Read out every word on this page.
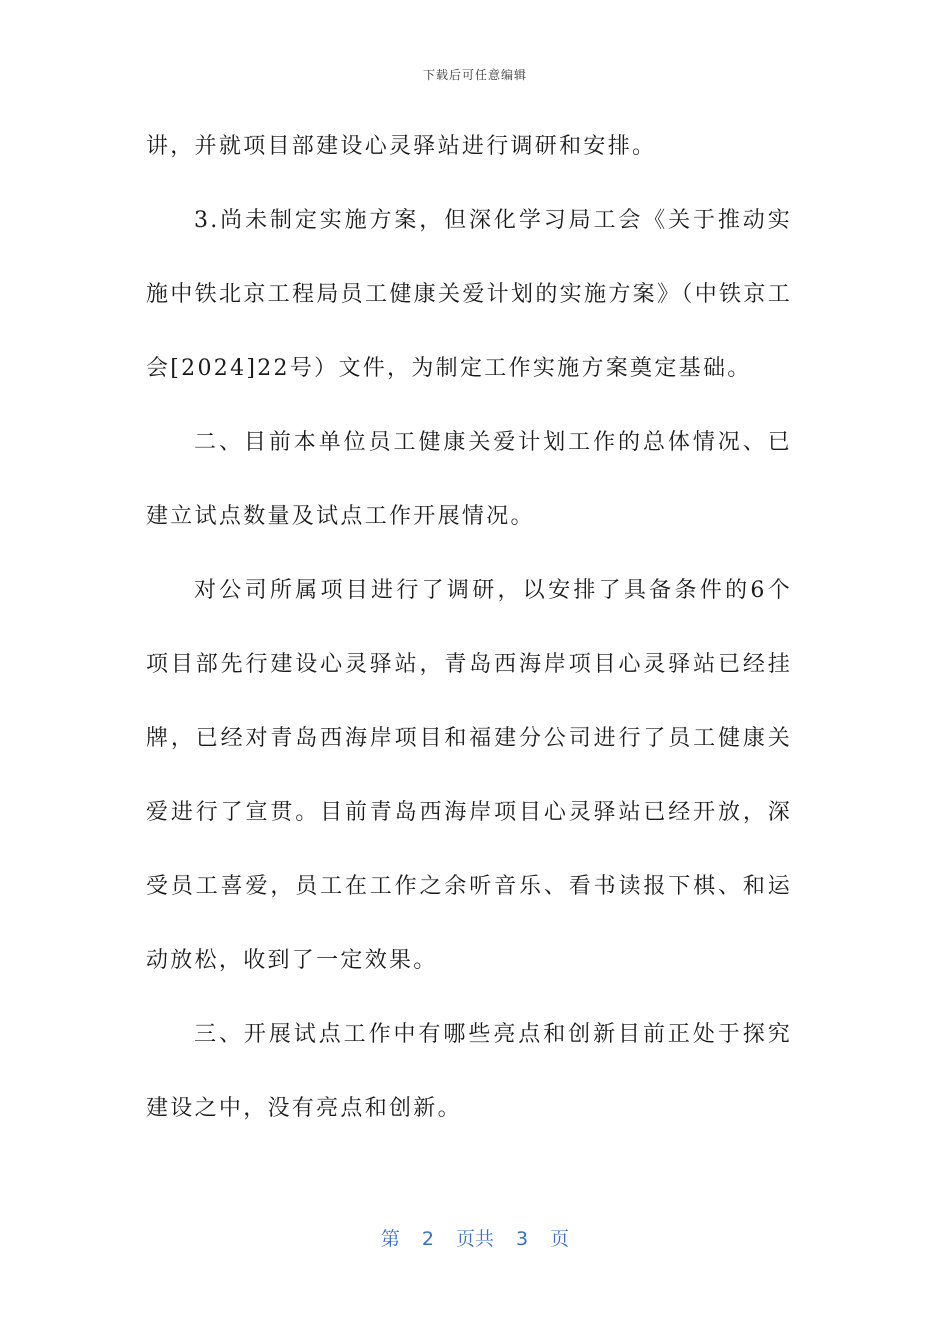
下载后可任意编辑

讲，并就项目部建设心灵驿站进行调研和安排。

3.尚未制定实施方案，但深化学习局工会《关于推动实施中铁北京工程局员工健康关爱计划的实施方案》（中铁京工会[2024]22号）文件，为制定工作实施方案奠定基础。

二、目前本单位员工健康关爱计划工作的总体情况、已建立试点数量及试点工作开展情况。

对公司所属项目进行了调研，以安排了具备条件的6个项目部先行建设心灵驿站，青岛西海岸项目心灵驿站已经挂牌，已经对青岛西海岸项目和福建分公司进行了员工健康关爱进行了宣贯。目前青岛西海岸项目心灵驿站已经开放，深受员工喜爱，员工在工作之余听音乐、看书读报下棋、和运动放松，收到了一定效果。

三、开展试点工作中有哪些亮点和创新目前正处于探究建设之中，没有亮点和创新。

第 2 页共 3 页
